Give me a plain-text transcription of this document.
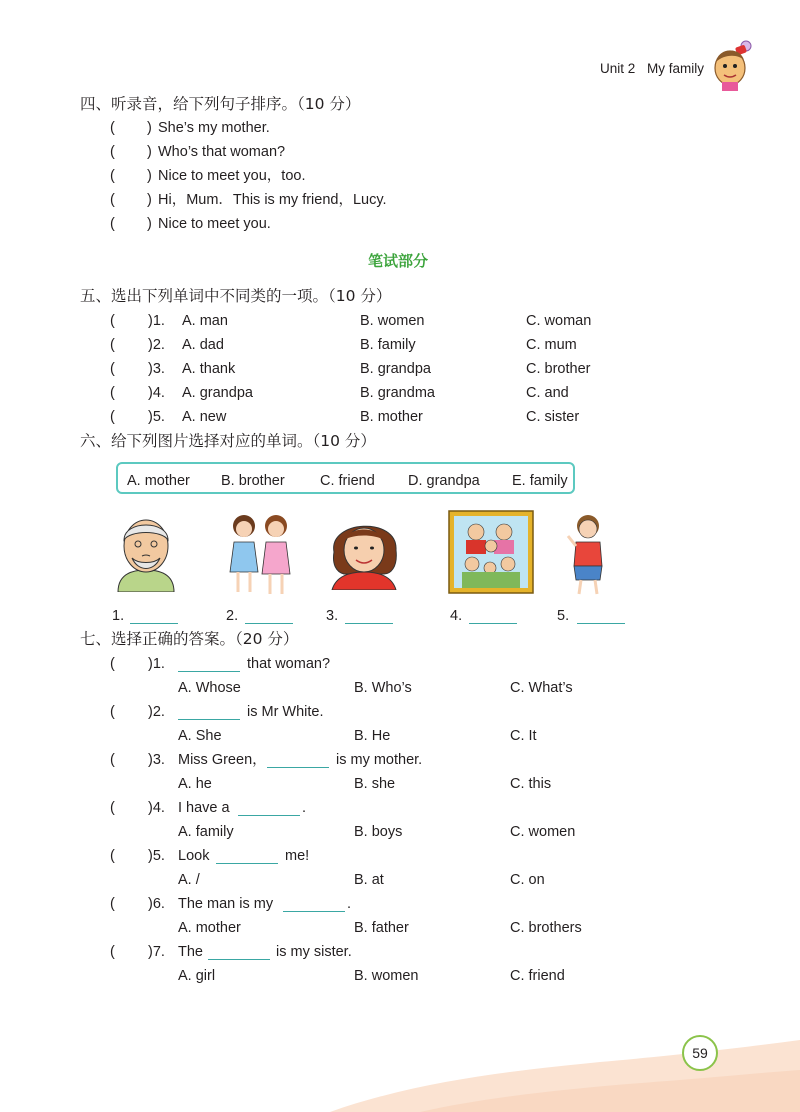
Unit 2 My family
四、听录音，给下列句子排序。（10 分）
(        ) She’s my mother.
(        ) Who’s that woman?
(        ) Nice to meet you，too.
(        ) Hi，Mum．This is my friend，Lucy.
(        ) Nice to meet you.
笔试部分
五、选出下列单词中不同类的一项。（10 分）
( )1. A. man	B. women	C. woman
( )2. A. dad	B. family	C. mum
( )3. A. thank	B. grandpa	C. brother
( )4. A. grandpa	B. grandma	C. and
( )5. A. new	B. mother	C. sister
六、给下列图片选择对应的单词。（10 分）
A. mother B. brother C. friend D. grandpa E. family
1.	2.	3.	4.	5.
七、选择正确的答案。（20 分）
( )1.	that woman?
A. Whose	B. Who’s	C. What’s
( )2.	is Mr White.
A. She	B. He	C. It
( )3. Miss Green，	is my mother.
A. he	B. she	C. this
( )4. I have a	.
A. family	B. boys	C. women
( )5. Look	me!
A. /	B. at	C. on
( )6. The man is my	.
A. mother	B. father	C. brothers
( )7. The	is my sister.
A. girl	B. women	C. friend
59
